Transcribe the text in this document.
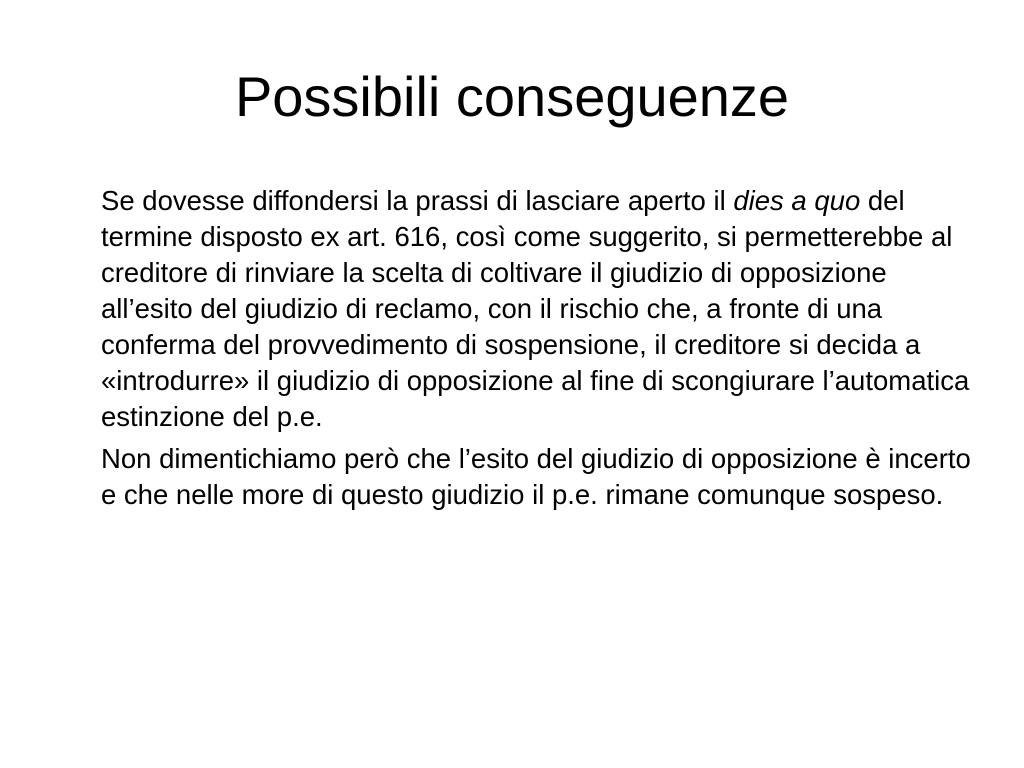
Possibili conseguenze

Se dovesse diffondersi la prassi di lasciare aperto il dies a quo del termine disposto ex art. 616, così come suggerito, si permetterebbe al creditore di rinviare la scelta di coltivare il giudizio di opposizione all’esito del giudizio di reclamo, con il rischio che, a fronte di una conferma del provvedimento di sospensione, il creditore si decida a «introdurre» il giudizio di opposizione al fine di scongiurare l’automatica estinzione del p.e.

Non dimentichiamo però che l’esito del giudizio di opposizione è incerto e che nelle more di questo giudizio il p.e. rimane comunque sospeso.
